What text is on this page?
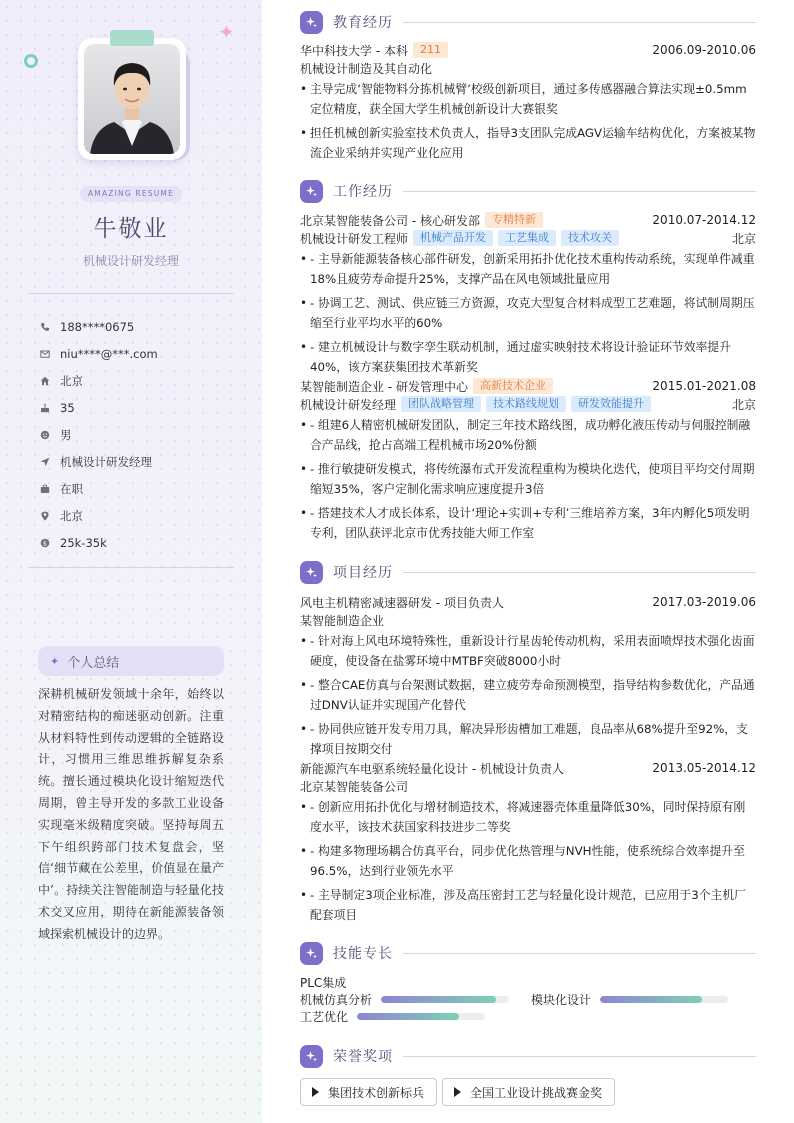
✦
AMAZING RESUME
牛敬业
机械设计研发经理
188****0675
niu****@***.com
北京
35
男
机械设计研发经理
在职
北京
$ 25k-35k
✦ 个人总结
深耕机械研发领域十余年，始终以对精密结构的痴迷驱动创新。注重从材料特性到传动逻辑的全链路设计，习惯用三维思维拆解复杂系统。擅长通过模块化设计缩短迭代周期，曾主导开发的多款工业设备实现毫米级精度突破。坚持每周五下午组织跨部门技术复盘会，坚信‘细节藏在公差里，价值显在量产中’。持续关注智能制造与轻量化技术交叉应用，期待在新能源装备领域探索机械设计的边界。
教育经历
华中科技大学 - 本科	211	2006.09-2010.06
机械设计制造及其自动化
• 主导完成‘智能物料分拣机械臂’校级创新项目，通过多传感器融合算法实现±0.5mm定位精度，获全国大学生机械创新设计大赛银奖
• 担任机械创新实验室技术负责人，指导3支团队完成AGV运输车结构优化，方案被某物流企业采纳并实现产业化应用
工作经历
北京某智能装备公司 - 核心研发部	专精特新	2010.07-2014.12
机械设计研发工程师	机械产品开发	工艺集成	技术攻关	北京
• - 主导新能源装备核心部件研发，创新采用拓扑优化技术重构传动系统，实现单件减重18%且疲劳寿命提升25%，支撑产品在风电领域批量应用
• - 协调工艺、测试、供应链三方资源，攻克大型复合材料成型工艺难题，将试制周期压缩至行业平均水平的60%
• - 建立机械设计与数字孪生联动机制，通过虚实映射技术将设计验证环节效率提升40%，该方案获集团技术革新奖
某智能制造企业 - 研发管理中心	高新技术企业	2015.01-2021.08
机械设计研发经理	团队战略管理	技术路线规划	研发效能提升	北京
• - 组建6人精密机械研发团队，制定三年技术路线图，成功孵化液压传动与伺服控制融合产品线，抢占高端工程机械市场20%份额
• - 推行敏捷研发模式，将传统瀑布式开发流程重构为模块化迭代，使项目平均交付周期缩短35%，客户定制化需求响应速度提升3倍
• - 搭建技术人才成长体系，设计‘理论+实训+专利’三维培养方案，3年内孵化5项发明专利，团队获评北京市优秀技能大师工作室
项目经历
风电主机精密减速器研发 - 项目负责人	2017.03-2019.06
某智能制造企业
• - 针对海上风电环境特殊性，重新设计行星齿轮传动机构，采用表面喷焊技术强化齿面硬度，使设备在盐雾环境中MTBF突破8000小时
• - 整合CAE仿真与台架测试数据，建立疲劳寿命预测模型，指导结构参数优化，产品通过DNV认证并实现国产化替代
• - 协同供应链开发专用刀具，解决异形齿槽加工难题，良品率从68%提升至92%，支撑项目按期交付
新能源汽车电驱系统轻量化设计 - 机械设计负责人	2013.05-2014.12
北京某智能装备公司
• - 创新应用拓扑优化与增材制造技术，将减速器壳体重量降低30%，同时保持原有刚度水平，该技术获国家科技进步二等奖
• - 构建多物理场耦合仿真平台，同步优化热管理与NVH性能，使系统综合效率提升至96.5%，达到行业领先水平
• - 主导制定3项企业标准，涉及高压密封工艺与轻量化设计规范，已应用于3个主机厂配套项目
技能专长
PLC集成
机械仿真分析	模块化设计
工艺优化
荣誉奖项
集团技术创新标兵	全国工业设计挑战赛金奖
